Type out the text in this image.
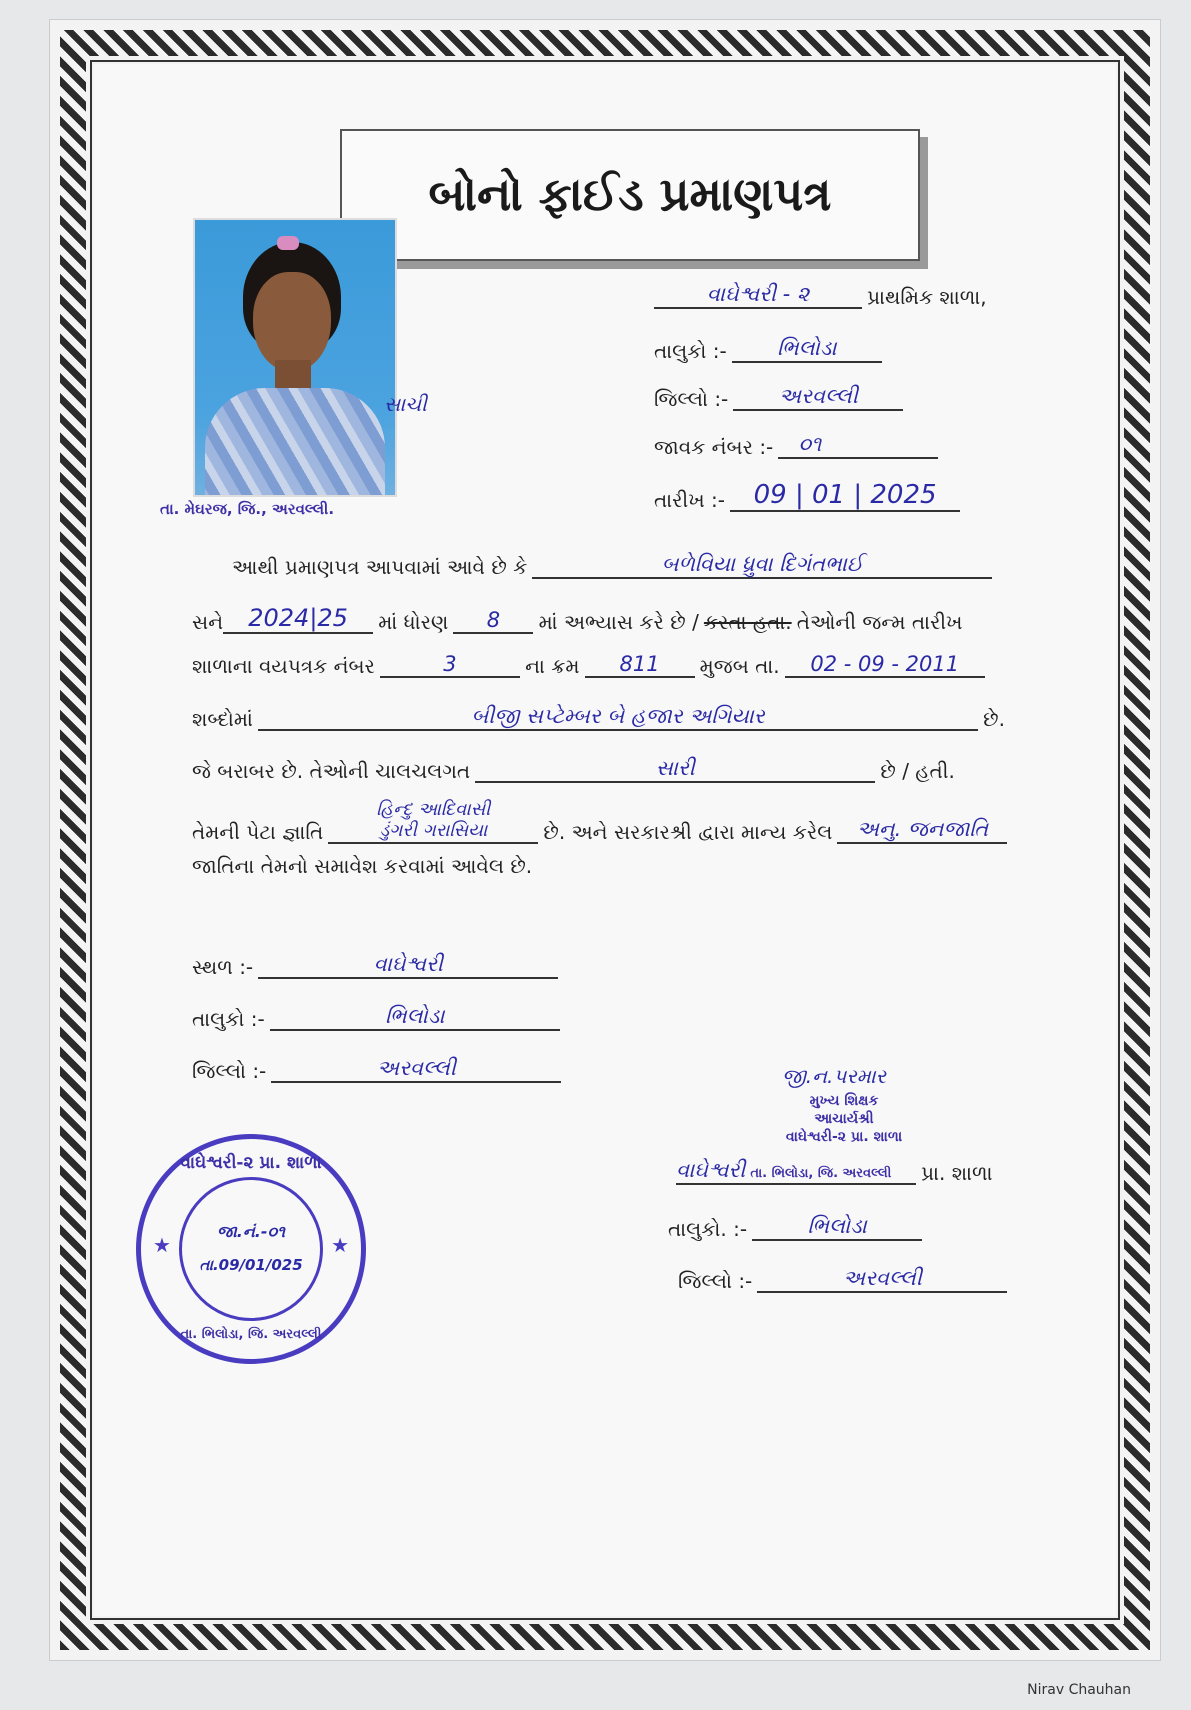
બોનો ફાઈડ પ્રમાણપત્ર
સાચી
તા. મેઘરજ, જિ., અરવલ્લી.
વાઘેશ્વરી - ૨	પ્રાથમિક શાળા,
તાલુકો :- ભિલોડા
જિલ્લો :- અરવલ્લી
જાવક નંબર :- ૦૧
તારીખ :- 09 | 01 | 2025
આથી પ્રમાણપત્ર આપવામાં આવે છે કે	બળેવિયા ધ્રુવા દિગંતભાઈ
સને 2024|25 માં ધોરણ 8 માં અભ્યાસ કરે છે / કરતા હતા. તેઓની જન્મ તારીખ
શાળાના વયપત્રક નંબર	3	ના ક્રમ 811 મુજબ તા. 02 - 09 - 2011
શબ્દોમાં	બીજી સપ્ટેમ્બર બે હજાર અગિયાર	છે.
જે બરાબર છે. તેઓની ચાલચલગત	સારી	છે / હતી.
તેમની પેટા જ્ઞાતિ
હિન્દુ આદિવાસી
ડુંગરી ગરાસિયા	છે. અને સરકારશ્રી દ્વારા માન્ય કરેલ અનુ. જનજાતિ
જાતિના તેમનો સમાવેશ કરવામાં આવેલ છે.
સ્થળ :-	વાઘેશ્વરી
તાલુકો :-	ભિલોડા
જિલ્લો :-	અરવલ્લી	જી.ન.પરમાર
મુખ્ય શિક્ષક
આચાર્યશ્રી
વાઘેશ્વરી-૨ પ્રા. શાળા
વાઘેશ્વરી તા. ભિલોડા, જિ. અરવલ્લી પ્રા. શાળા
તાલુકો. :-	ભિલોડા
જિલ્લો :-	અરવલ્લી
વાઘેશ્વરી-૨ પ્રા. શાળા
★	★
જા.નં.-૦૧
તા.09/01/025
તા. ભિલોડા, જિ. અરવલ્લી
Nirav Chauhan
